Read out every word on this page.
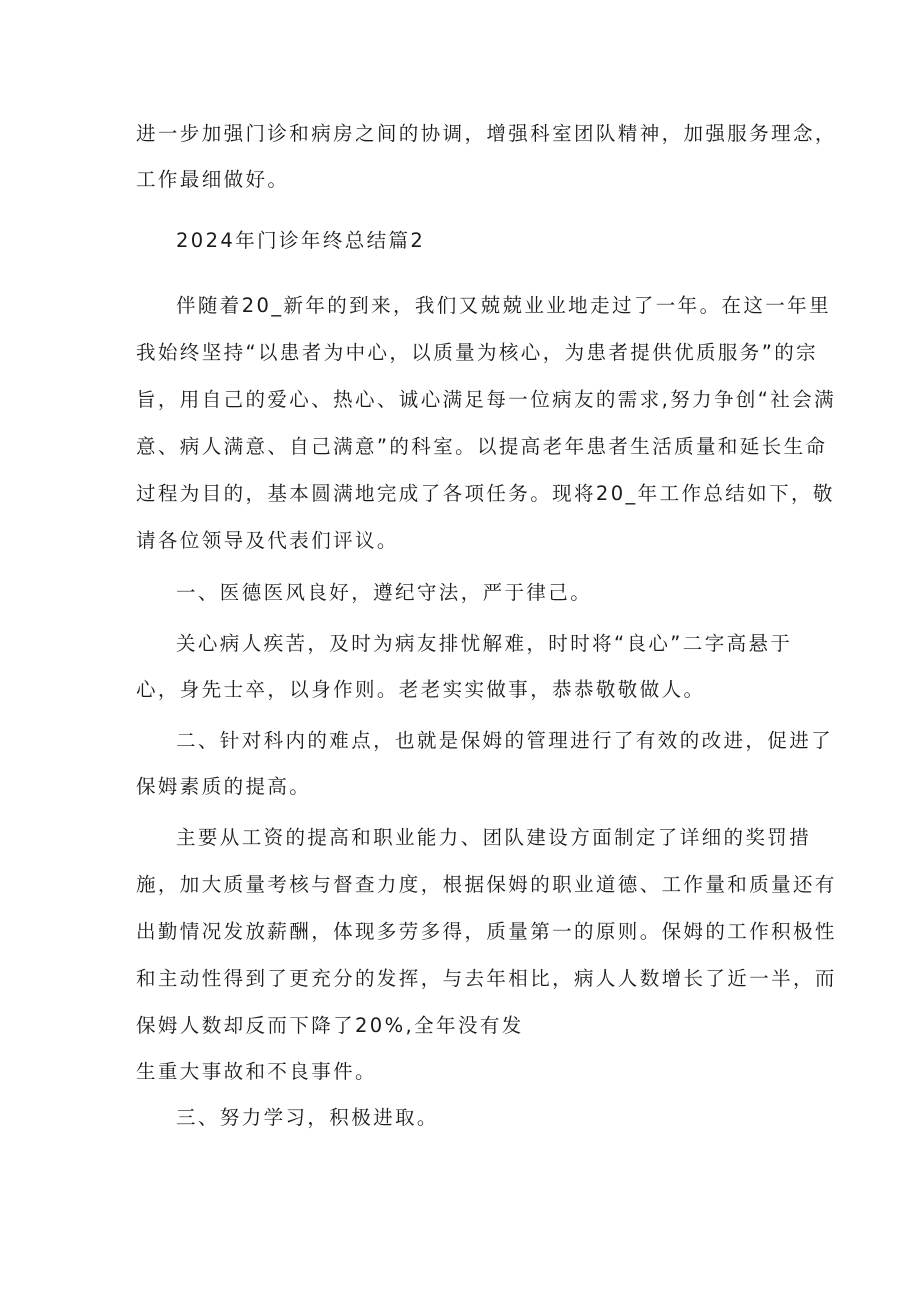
进一步加强门诊和病房之间的协调，增强科室团队精神，加强服务理念，
工作最细做好。
2024年门诊年终总结篇2
伴随着20_新年的到来，我们又兢兢业业地走过了一年。在这一年里
我始终坚持“以患者为中心，以质量为核心，为患者提供优质服务”的宗
旨，用自己的爱心、热心、诚心满足每一位病友的需求,努力争创“社会满
意、病人满意、自己满意”的科室。以提高老年患者生活质量和延长生命
过程为目的，基本圆满地完成了各项任务。现将20_年工作总结如下，敬
请各位领导及代表们评议。
一、医德医风良好，遵纪守法，严于律己。
关心病人疾苦，及时为病友排忧解难，时时将“良心”二字高悬于
心，身先士卒，以身作则。老老实实做事，恭恭敬敬做人。
二、针对科内的难点，也就是保姆的管理进行了有效的改进，促进了
保姆素质的提高。
主要从工资的提高和职业能力、团队建设方面制定了详细的奖罚措
施，加大质量考核与督查力度，根据保姆的职业道德、工作量和质量还有
出勤情况发放薪酬，体现多劳多得，质量第一的原则。保姆的工作积极性
和主动性得到了更充分的发挥，与去年相比，病人人数增长了近一半，而
保姆人数却反而下降了20%,全年没有发
生重大事故和不良事件。
三、努力学习，积极进取。
